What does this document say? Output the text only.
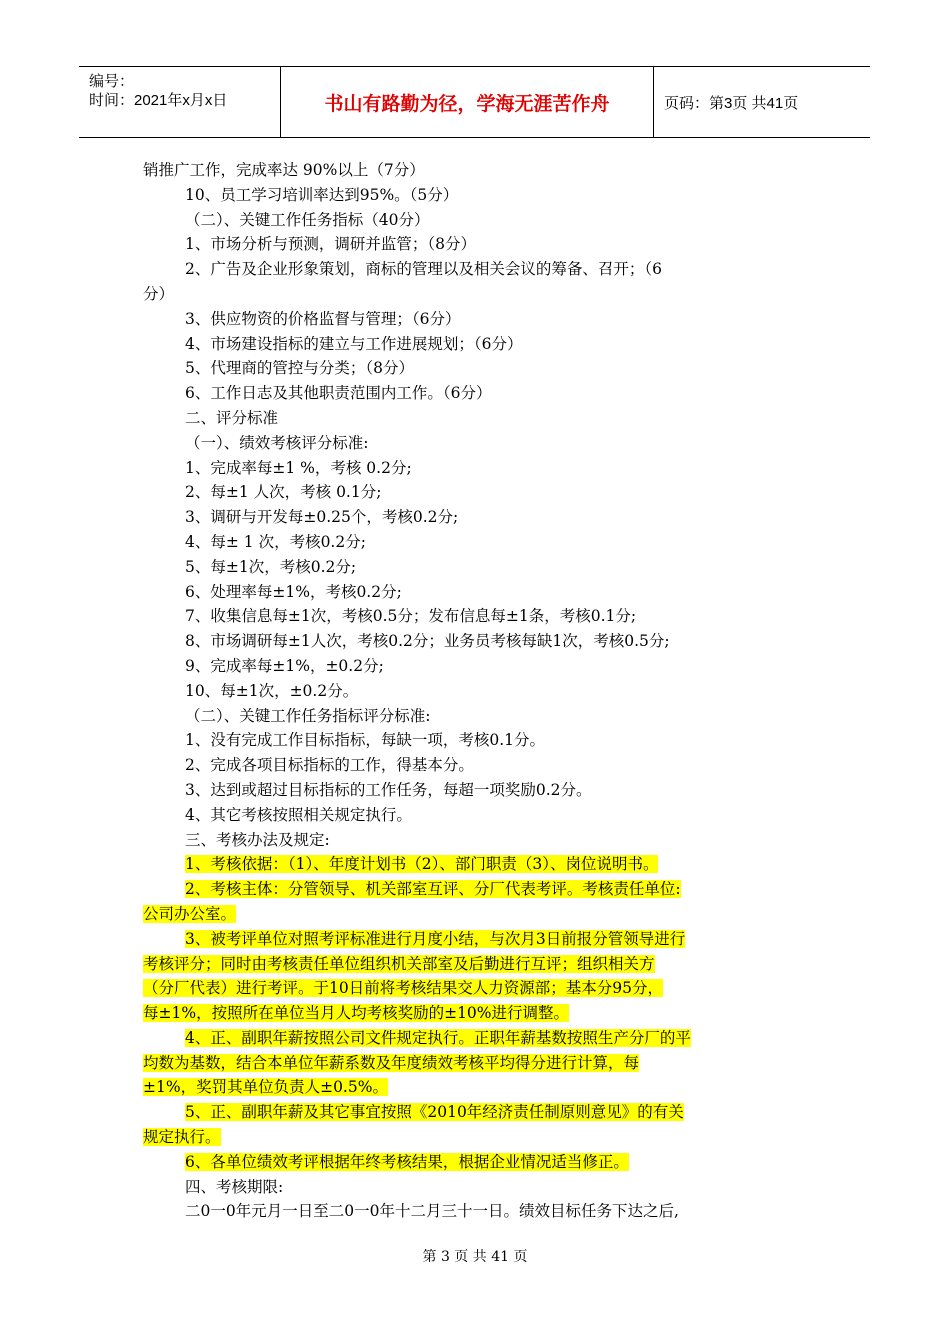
编号：
时间：2021年x月x日	书山有路勤为径，学海无涯苦作舟	页码：第3页 共41页
销推广工作，完成率达 90%以上（7分）
10、员工学习培训率达到95%。（5分）
（二）、关键工作任务指标（40分）
1、市场分析与预测，调研并监管；（8分）
2、广告及企业形象策划，商标的管理以及相关会议的筹备、召开；（6
分）
3、供应物资的价格监督与管理；（6分）
4、市场建设指标的建立与工作进展规划；（6分）
5、代理商的管控与分类；（8分）
6、工作日志及其他职责范围内工作。（6分）
二、评分标准
（一）、绩效考核评分标准:
1、完成率每±1 %，考核 0.2分;
2、每±1 人次，考核 0.1分;
3、调研与开发每±0.25个，考核0.2分;
4、每± 1 次，考核0.2分;
5、每±1次，考核0.2分;
6、处理率每±1%，考核0.2分;
7、收集信息每±1次，考核0.5分；发布信息每±1条，考核0.1分;
8、市场调研每±1人次，考核0.2分；业务员考核每缺1次，考核0.5分;
9、完成率每±1%，±0.2分;
10、每±1次，±0.2分。
（二）、关键工作任务指标评分标准:
1、没有完成工作目标指标，每缺一项，考核0.1分。
2、完成各项目标指标的工作，得基本分。
3、达到或超过目标指标的工作任务，每超一项奖励0.2分。
4、其它考核按照相关规定执行。
三、考核办法及规定:
1、考核依据：（1）、年度计划书（2）、部门职责（3）、岗位说明书。
2、考核主体：分管领导、机关部室互评、分厂代表考评。考核责任单位:
公司办公室。
3、被考评单位对照考评标准进行月度小结，与次月3日前报分管领导进行
考核评分；同时由考核责任单位组织机关部室及后勤进行互评；组织相关方
（分厂代表）进行考评。于10日前将考核结果交人力资源部；基本分95分，
每±1%，按照所在单位当月人均考核奖励的±10%进行调整。
4、正、副职年薪按照公司文件规定执行。正职年薪基数按照生产分厂的平
均数为基数，结合本单位年薪系数及年度绩效考核平均得分进行计算，每
±1%，奖罚其单位负责人±0.5%。
5、正、副职年薪及其它事宜按照《2010年经济责任制原则意见》的有关
规定执行。
6、各单位绩效考评根据年终考核结果，根据企业情况适当修正。
四、考核期限:
二0一0年元月一日至二0一0年十二月三十一日。绩效目标任务下达之后,
第 3 页 共 41 页
